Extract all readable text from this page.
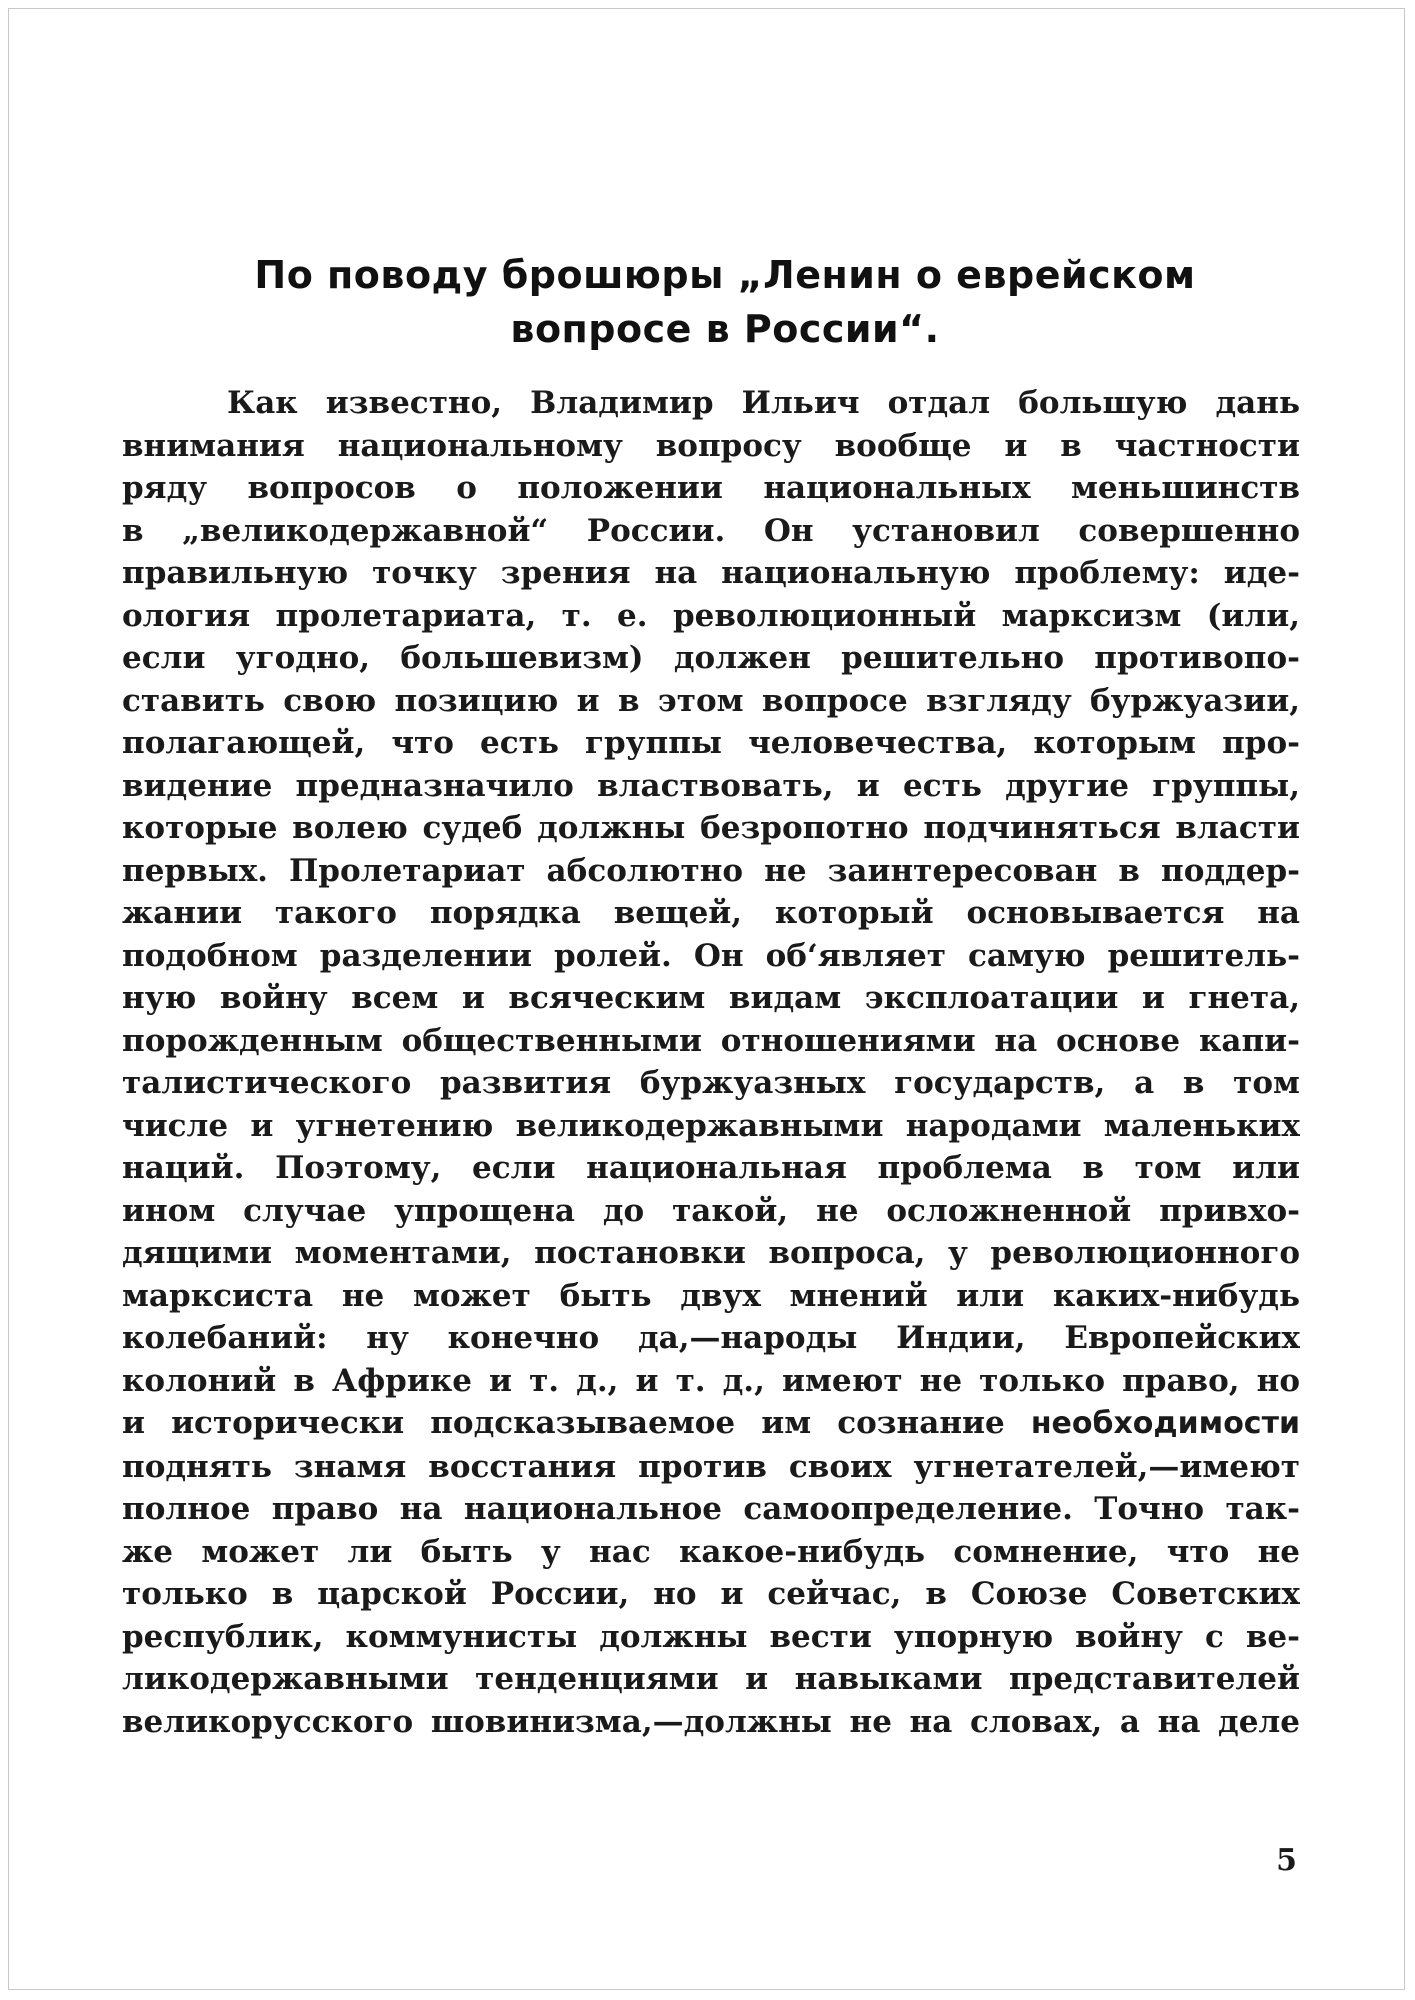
По поводу брошюры „Ленин о еврейском
вопросе в России“.
Как известно, Владимир Ильич отдал большую дань
внимания национальному вопросу вообще и в частности
ряду вопросов о положении национальных меньшинств
в „великодержавной“ России. Он установил совершенно
правильную точку зрения на национальную проблему: иде-
ология пролетариата, т. е. революционный марксизм (или,
если угодно, большевизм) должен решительно противопо-
ставить свою позицию и в этом вопросе взгляду буржуазии,
полагающей, что есть группы человечества, которым про-
видение предназначило властвовать, и есть другие группы,
которые волею судеб должны безропотно подчиняться власти
первых. Пролетариат абсолютно не заинтересован в поддер-
жании такого порядка вещей, который основывается на
подобном разделении ролей. Он об‘являет самую решитель-
ную войну всем и всяческим видам эксплоатации и гнета,
порожденным общественными отношениями на основе капи-
талистического развития буржуазных государств, а в том
числе и угнетению великодержавными народами маленьких
наций. Поэтому, если национальная проблема в том или
ином случае упрощена до такой, не осложненной привхо-
дящими моментами, постановки вопроса, у революционного
марксиста не может быть двух мнений или каких-нибудь
колебаний: ну конечно да,—народы Индии, Европейских
колоний в Африке и т. д., и т. д., имеют не только право, но
и исторически подсказываемое им сознание необходимости
поднять знамя восстания против своих угнетателей,—имеют
полное право на национальное самоопределение. Точно так-
же может ли быть у нас какое-нибудь сомнение, что не
только в царской России, но и сейчас, в Союзе Советских
республик, коммунисты должны вести упорную войну с ве-
ликодержавными тенденциями и навыками представителей
великорусского шовинизма,—должны не на словах, а на деле
5
